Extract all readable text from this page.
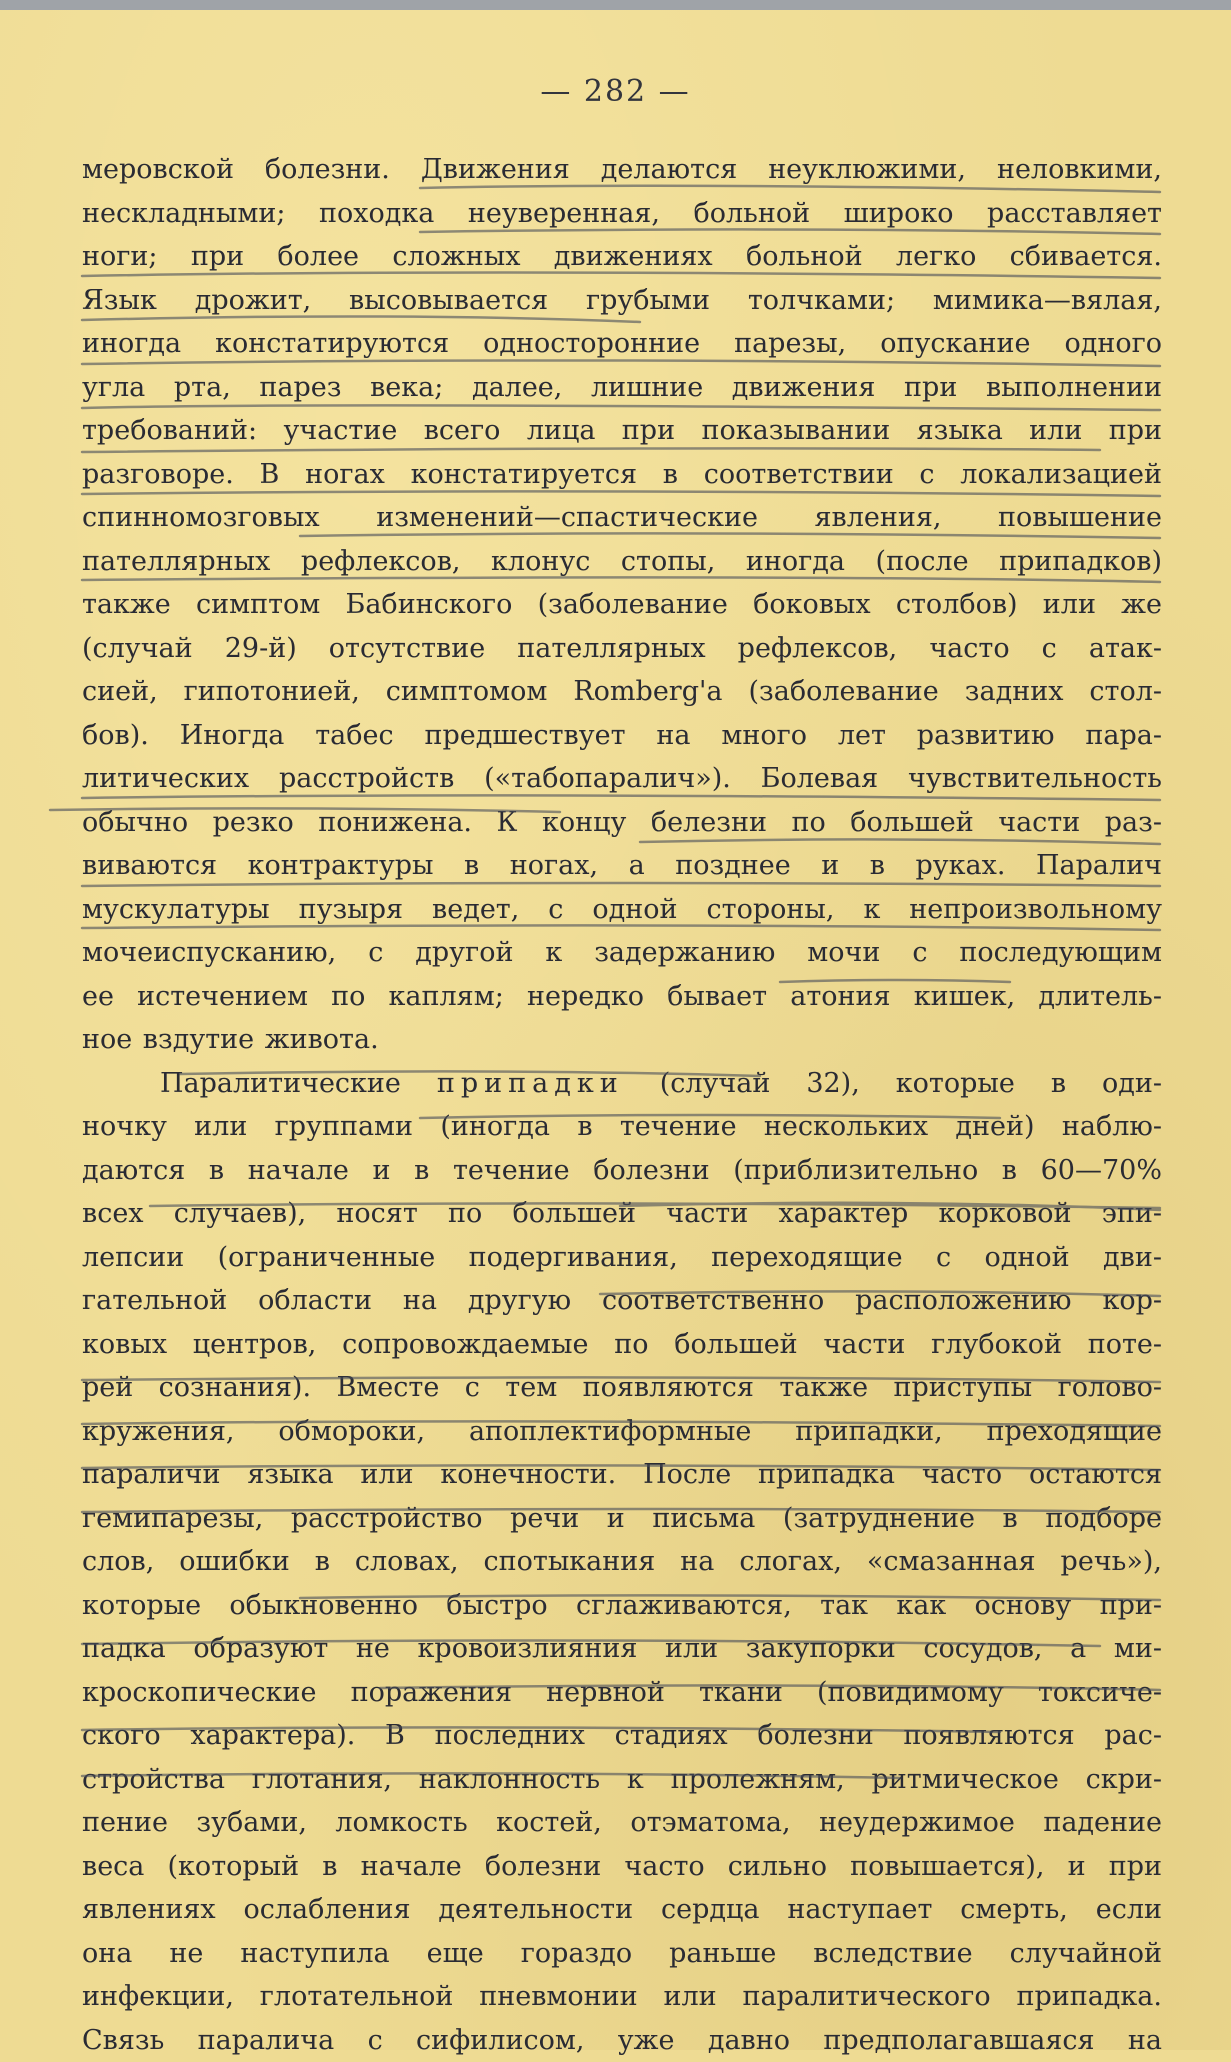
— 282 —

меровской болезни. Движения делаются неуклюжими, неловкими,
нескладными; походка неуверенная, больной широко расставляет
ноги; при более сложных движениях больной легко сбивается.
Язык дрожит, высовывается грубыми толчками; мимика—вялая,
иногда констатируются односторонние парезы, опускание одного
угла рта, парез века; далее, лишние движения при выполнении
требований: участие всего лица при показывании языка или при
разговоре. В ногах констатируется в соответствии с локализацией
спинномозговых изменений—спастические явления, повышение
пателлярных рефлексов, клонус стопы, иногда (после припадков)
также симптом Бабинского (заболевание боковых столбов) или же
(случай 29-й) отсутствие пателлярных рефлексов, часто с атак-
сией, гипотонией, симптомом Romberg'a (заболевание задних стол-
бов). Иногда табес предшествует на много лет развитию пара-
литических расстройств («табопаралич»). Болевая чувствительность
обычно резко понижена. К концу белезни по большей части раз-
виваются контрактуры в ногах, а позднее и в руках. Паралич
мускулатуры пузыря ведет, с одной стороны, к непроизвольному
мочеиспусканию, с другой к задержанию мочи с последующим
ее истечением по каплям; нередко бывает атония кишек, длитель-
ное вздутие живота.

Паралитические припадки (случай 32), которые в оди-
ночку или группами (иногда в течение нескольких дней) наблю-
даются в начале и в течение болезни (приблизительно в 60—70%
всех случаев), носят по большей части характер корковой эпи-
лепсии (ограниченные подергивания, переходящие с одной дви-
гательной области на другую соответственно расположению кор-
ковых центров, сопровождаемые по большей части глубокой поте-
рей сознания). Вместе с тем появляются также приступы голово-
кружения, обмороки, апоплектиформные припадки, преходящие
параличи языка или конечности. После припадка часто остаются
гемипарезы, расстройство речи и письма (затруднение в подборе
слов, ошибки в словах, спотыкания на слогах, «смазанная речь»),
которые обыкновенно быстро сглаживаются, так как основу при-
падка образуют не кровоизлияния или закупорки сосудов, а ми-
кроскопические поражения нервной ткани (повидимому токсиче-
ского характера). В последних стадиях болезни появляются рас-
стройства глотания, наклонность к пролежням, ритмическое скри-
пение зубами, ломкость костей, отэматома, неудержимое падение
веса (который в начале болезни часто сильно повышается), и при
явлениях ослабления деятельности сердца наступает смерть, если
она не наступила еще гораздо раньше вследствие случайной
инфекции, глотательной пневмонии или паралитического припадка.
Связь паралича с сифилисом, уже давно предполагавшаяся на
